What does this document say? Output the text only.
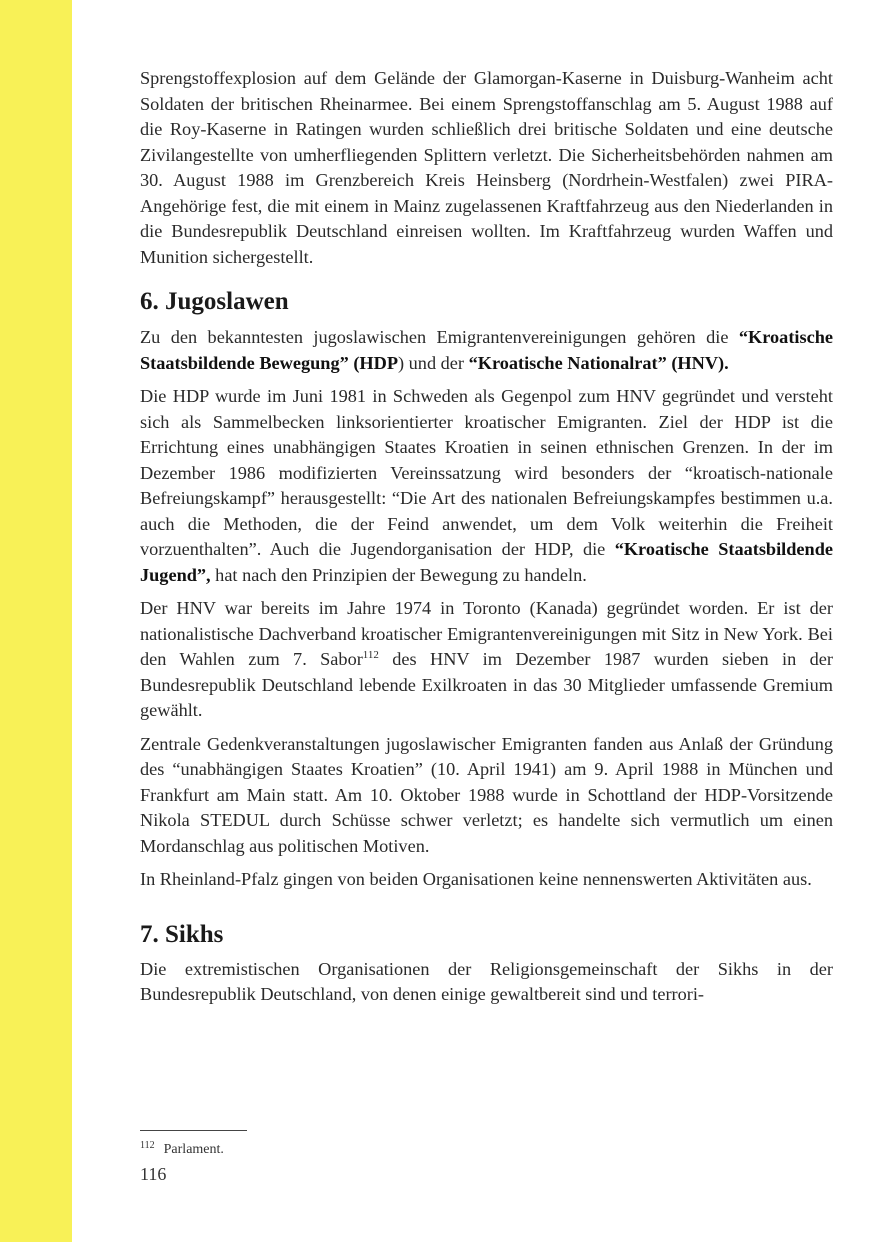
Sprengstoffexplosion auf dem Gelände der Glamorgan-Kaserne in Duisburg-Wanheim acht Soldaten der britischen Rheinarmee. Bei einem Sprengstoffanschlag am 5. August 1988 auf die Roy-Kaserne in Ratingen wurden schließlich drei britische Soldaten und eine deutsche Zivilangestellte von umherfliegenden Splittern verletzt. Die Sicherheitsbehörden nahmen am 30. August 1988 im Grenzbereich Kreis Heinsberg (Nordrhein-Westfalen) zwei PIRA-Angehörige fest, die mit einem in Mainz zugelassenen Kraftfahrzeug aus den Niederlanden in die Bundesrepublik Deutschland einreisen wollten. Im Kraftfahrzeug wurden Waffen und Munition sichergestellt.

6. Jugoslawen

Zu den bekanntesten jugoslawischen Emigrantenvereinigungen gehören die “Kroatische Staatsbildende Bewegung” (HDP) und der “Kroatische Nationalrat” (HNV).

Die HDP wurde im Juni 1981 in Schweden als Gegenpol zum HNV gegründet und versteht sich als Sammelbecken linksorientierter kroatischer Emigranten. Ziel der HDP ist die Errichtung eines unabhängigen Staates Kroatien in seinen ethnischen Grenzen. In der im Dezember 1986 modifizierten Vereinssatzung wird besonders der “kroatisch-nationale Befreiungskampf” herausgestellt: “Die Art des nationalen Befreiungskampfes bestimmen u.a. auch die Methoden, die der Feind anwendet, um dem Volk weiterhin die Freiheit vorzuenthalten”. Auch die Jugendorganisation der HDP, die “Kroatische Staatsbildende Jugend”, hat nach den Prinzipien der Bewegung zu handeln.

Der HNV war bereits im Jahre 1974 in Toronto (Kanada) gegründet worden. Er ist der nationalistische Dachverband kroatischer Emigrantenvereinigungen mit Sitz in New York. Bei den Wahlen zum 7. Sabor$^{112}$ des HNV im Dezember 1987 wurden sieben in der Bundesrepublik Deutschland lebende Exilkroaten in das 30 Mitglieder umfassende Gremium gewählt.

Zentrale Gedenkveranstaltungen jugoslawischer Emigranten fanden aus Anlaß der Gründung des “unabhängigen Staates Kroatien” (10. April 1941) am 9. April 1988 in München und Frankfurt am Main statt. Am 10. Oktober 1988 wurde in Schottland der HDP-Vorsitzende Nikola STEDUL durch Schüsse schwer verletzt; es handelte sich vermutlich um einen Mordanschlag aus politischen Motiven.

In Rheinland-Pfalz gingen von beiden Organisationen keine nennenswerten Aktivitäten aus.

7. Sikhs

Die extremistischen Organisationen der Religionsgemeinschaft der Sikhs in der Bundesrepublik Deutschland, von denen einige gewaltbereit sind und terrori-

$^{112}$ Parlament.
116
